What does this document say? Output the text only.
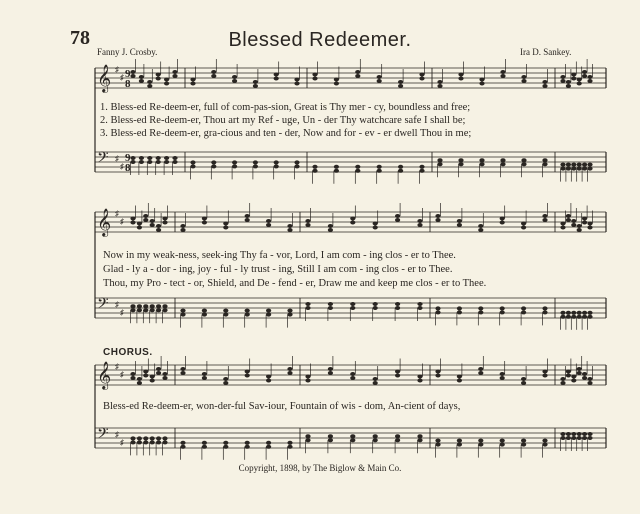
𝄞 ♯
♯
𝄢 ♯
♯
𝄞 ♯
♯
𝄢 ♯
♯
𝄞 ♯
♯
𝄢 ♯
♯
9
9
8
8
78	Blessed Redeemer.
Fanny J. Crosby.	Ira D. Sankey.
1. Bless-ed Re-deem-er, full of com-pas-sion, Great is Thy mer - cy, boundless and free;
2. Bless-ed Re-deem-er, Thou art my Ref - uge, Un - der Thy watchcare safe I shall be;
3. Bless-ed Re-deem-er, gra-cious and ten - der, Now and for - ev - er dwell Thou in me;
Now in my weak-ness, seek-ing Thy fa - vor, Lord, I am com - ing clos - er to Thee.
Glad - ly a - dor - ing, joy - ful - ly trust - ing, Still I am com - ing clos - er to Thee.
Thou, my Pro - tect - or, Shield, and De - fend - er, Draw me and keep me clos - er to Thee.
CHORUS.
Bless-ed Re-deem-er, won-der-ful Sav-iour, Fountain of wis - dom, An-cient of days,
Copyright, 1898, by The Biglow & Main Co.
